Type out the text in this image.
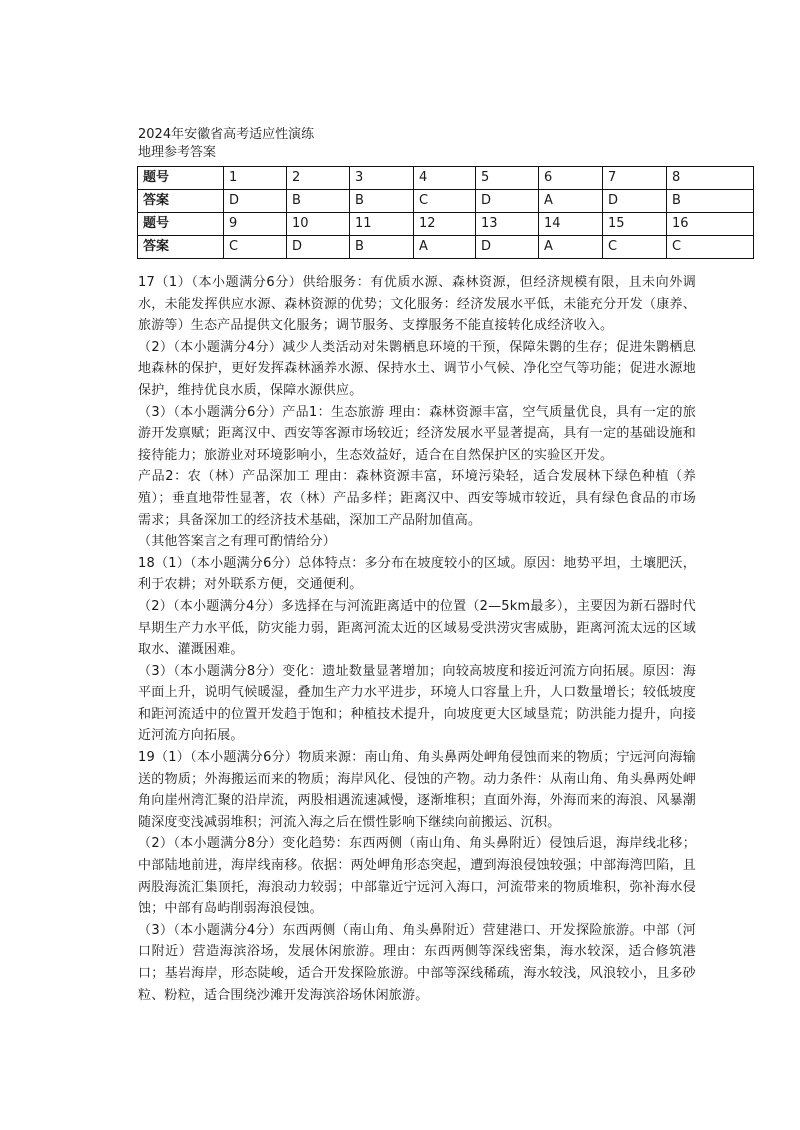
2024年安徽省高考适应性演练
地理参考答案
题号	1	2	3	4	5	6	7	8
答案	D	B	B	C	D	A	D	B
题号	9	10	11	12	13	14	15	16
答案	C	D	B	A	D	A	C	C

17（1）（本小题满分6分）供给服务：有优质水源、森林资源，但经济规模有限，且未向外调水，未能发挥供应水源、森林资源的优势；文化服务：经济发展水平低，未能充分开发（康养、旅游等）生态产品提供文化服务；调节服务、支撑服务不能直接转化成经济收入。

（2）（本小题满分4分）减少人类活动对朱鹮栖息环境的干预，保障朱鹮的生存；促进朱鹮栖息地森林的保护，更好发挥森林涵养水源、保持水土、调节小气候、净化空气等功能；促进水源地保护，维持优良水质，保障水源供应。

（3）（本小题满分6分）产品1：生态旅游 理由：森林资源丰富，空气质量优良，具有一定的旅游开发禀赋；距离汉中、西安等客源市场较近；经济发展水平显著提高，具有一定的基础设施和接待能力；旅游业对环境影响小，生态效益好，适合在自然保护区的实验区开发。

产品2：农（林）产品深加工 理由：森林资源丰富，环境污染轻，适合发展林下绿色种植（养殖）；垂直地带性显著，农（林）产品多样；距离汉中、西安等城市较近，具有绿色食品的市场需求；具备深加工的经济技术基础，深加工产品附加值高。

（其他答案言之有理可酌情给分）

18（1）（本小题满分6分）总体特点：多分布在坡度较小的区域。原因：地势平坦，土壤肥沃，利于农耕；对外联系方便，交通便利。

（2）（本小题满分4分）多选择在与河流距离适中的位置（2—5km最多），主要因为新石器时代早期生产力水平低，防灾能力弱，距离河流太近的区域易受洪涝灾害威胁，距离河流太远的区域取水、灌溉困难。

（3）（本小题满分8分）变化：遗址数量显著增加；向较高坡度和接近河流方向拓展。原因：海平面上升，说明气候暖湿，叠加生产力水平进步，环境人口容量上升，人口数量增长；较低坡度和距河流适中的位置开发趋于饱和；种植技术提升，向坡度更大区域垦荒；防洪能力提升，向接近河流方向拓展。

19（1）（本小题满分6分）物质来源：南山角、角头鼻两处岬角侵蚀而来的物质；宁远河向海输送的物质；外海搬运而来的物质；海岸风化、侵蚀的产物。动力条件：从南山角、角头鼻两处岬角向崖州湾汇聚的沿岸流，两股相遇流速减慢，逐渐堆积；直面外海，外海而来的海浪、风暴潮随深度变浅减弱堆积；河流入海之后在惯性影响下继续向前搬运、沉积。

（2）（本小题满分8分）变化趋势：东西两侧（南山角、角头鼻附近）侵蚀后退，海岸线北移；中部陆地前进，海岸线南移。依据：两处岬角形态突起，遭到海浪侵蚀较强；中部海湾凹陷，且两股海流汇集顶托，海浪动力较弱；中部靠近宁远河入海口，河流带来的物质堆积，弥补海水侵蚀；中部有岛屿削弱海浪侵蚀。

（3）（本小题满分4分）东西两侧（南山角、角头鼻附近）营建港口、开发探险旅游。中部（河口附近）营造海滨浴场，发展休闲旅游。理由：东西两侧等深线密集，海水较深，适合修筑港口；基岩海岸，形态陡峻，适合开发探险旅游。中部等深线稀疏，海水较浅，风浪较小，且多砂粒、粉粒，适合围绕沙滩开发海滨浴场休闲旅游。
